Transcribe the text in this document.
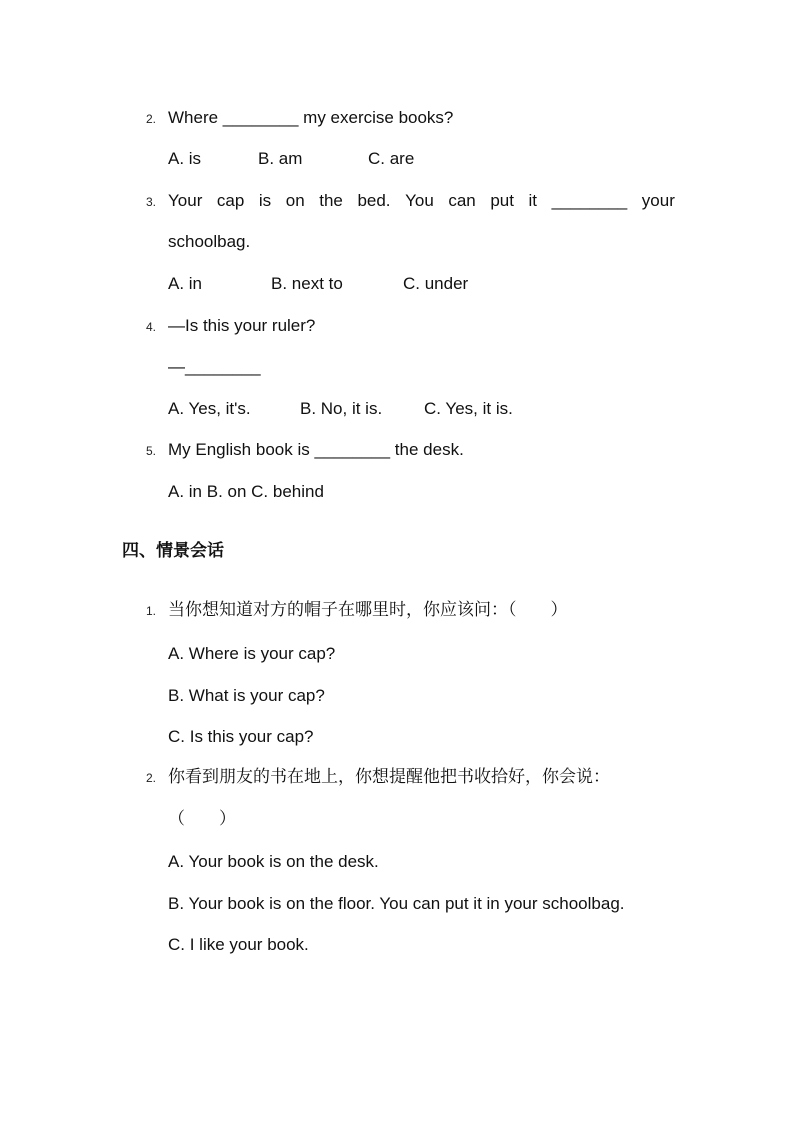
2. Where ________ my exercise books?
A. is	B. am	C. are
3. Your cap is on the bed. You can put it ________ your
schoolbag.
A. in	B. next to	C. under
4. —Is this your ruler?
—________
A. Yes, it's.	B. No, it is. C. Yes, it is.
5. My English book is ________ the desk.
A. in B. on C. behind
四、情景会话
1. 当你想知道对方的帽子在哪里时，你应该问：（　　）
A. Where is your cap?
B. What is your cap?
C. Is this your cap?
2. 你看到朋友的书在地上，你想提醒他把书收拾好，你会说：
（　　）
A. Your book is on the desk.
B. Your book is on the floor. You can put it in your schoolbag.
C. I like your book.
